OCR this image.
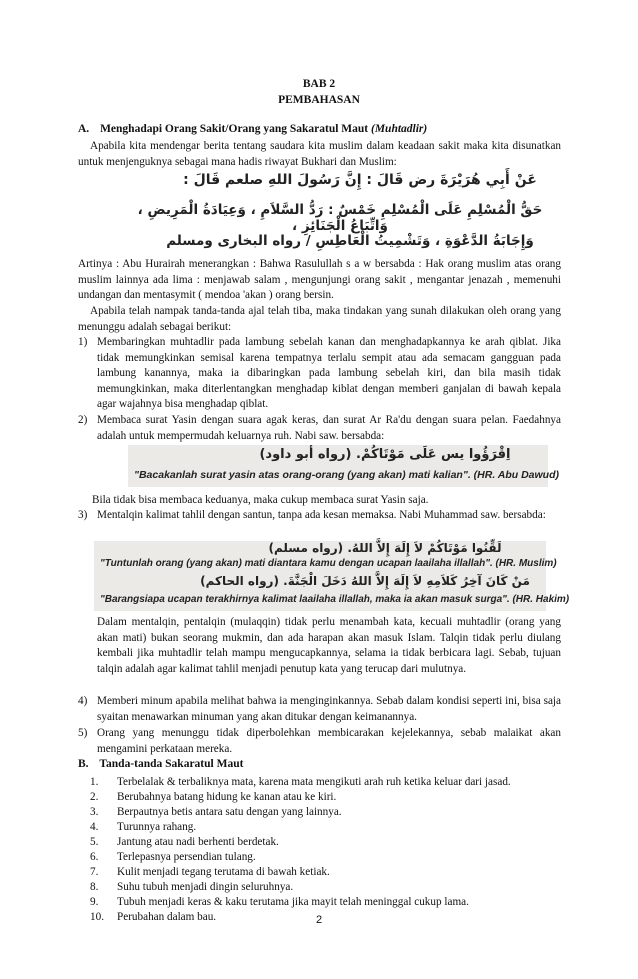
BAB 2
PEMBAHASAN
A. Menghadapi Orang Sakit/Orang yang Sakaratul Maut (Muhtadlir)
Apabila kita mendengar berita tentang saudara kita muslim dalam keadaan sakit maka kita disunatkan untuk menjenguknya sebagai mana hadis riwayat Bukhari dan Muslim:
عَنْ أَبِي هُرَيْرَةَ رض قَالَ : إِنَّ رَسُولَ اللهِ صلعم قَالَ :
حَقُّ الْمُسْلِمِ عَلَى الْمُسْلِمِ خَمْسٌ : رَدُّ السَّلاَمِ ، وَعِيَادَةُ الْمَرِيضِ ، وَاتِّبَاعُ الْجَنَائِزِ ،
وَإِجَابَةُ الدَّعْوَةِ ، وَتَشْمِيتُ الْعَاطِسِ / رواه البخارى ومسلم
Artinya : Abu Hurairah menerangkan : Bahwa Rasulullah s a w bersabda : Hak orang muslim atas orang muslim lainnya ada lima : menjawab salam , mengunjungi orang sakit , mengantar jenazah , memenuhi undangan dan mentasymit ( mendoa 'akan ) orang bersin.
Apabila telah nampak tanda-tanda ajal telah tiba, maka tindakan yang sunah dilakukan oleh orang yang menunggu adalah sebagai berikut:
1) Membaringkan muhtadlir pada lambung sebelah kanan dan menghadapkannya ke arah qiblat. Jika tidak memungkinkan semisal karena tempatnya terlalu sempit atau ada semacam gangguan pada lambung kanannya, maka ia dibaringkan pada lambung sebelah kiri, dan bila masih tidak memungkinkan, maka diterlentangkan menghadap kiblat dengan memberi ganjalan di bawah kepala agar wajahnya bisa menghadap qiblat.
2) Membaca surat Yasin dengan suara agak keras, dan surat Ar Ra'du dengan suara pelan. Faedahnya adalah untuk mempermudah keluarnya ruh. Nabi saw. bersabda:
اِقْرَؤُوا يس عَلَى مَوْتَاكُمْ. (رواه أبو داود)
"Bacakanlah surat yasin atas orang-orang (yang akan) mati kalian". (HR. Abu Dawud)
Bila tidak bisa membaca keduanya, maka cukup membaca surat Yasin saja.
3) Mentalqin kalimat tahlil dengan santun, tanpa ada kesan memaksa. Nabi Muhammad saw. bersabda:
لَقِّنُوا مَوْتَاكُمْ لاَ إِلَهَ إِلاَّ اللهُ. (رواه مسلم)
"Tuntunlah orang (yang akan) mati diantara kamu dengan ucapan laailaha illallah". (HR. Muslim)
مَنْ كَانَ آخِرُ كَلاَمِهِ لاَ إِلَهَ إِلاَّ اللهُ دَخَلَ الْجَنَّةَ. (رواه الحاكم)
"Barangsiapa ucapan terakhirnya kalimat laailaha illallah, maka ia akan masuk surga". (HR. Hakim)
Dalam mentalqin, pentalqin (mulaqqin) tidak perlu menambah kata, kecuali muhtadlir (orang yang akan mati) bukan seorang mukmin, dan ada harapan akan masuk Islam. Talqin tidak perlu diulang kembali jika muhtadlir telah mampu mengucapkannya, selama ia tidak berbicara lagi. Sebab, tujuan talqin adalah agar kalimat tahlil menjadi penutup kata yang terucap dari mulutnya.
4) Memberi minum apabila melihat bahwa ia menginginkannya. Sebab dalam kondisi seperti ini, bisa saja syaitan menawarkan minuman yang akan ditukar dengan keimanannya.
5) Orang yang menunggu tidak diperbolehkan membicarakan kejelekannya, sebab malaikat akan mengamini perkataan mereka.
B. Tanda-tanda Sakaratul Maut
1.	Terbelalak & terbaliknya mata, karena mata mengikuti arah ruh ketika keluar dari jasad.
2.	Berubahnya batang hidung ke kanan atau ke kiri.
3.	Berpautnya betis antara satu dengan yang lainnya.
4.	Turunnya rahang.
5.	Jantung atau nadi berhenti berdetak.
6.	Terlepasnya persendian tulang.
7.	Kulit menjadi tegang terutama di bawah ketiak.
8.	Suhu tubuh menjadi dingin seluruhnya.
9.	Tubuh menjadi keras & kaku terutama jika mayit telah meninggal cukup lama.
10.	Perubahan dalam bau.	2
